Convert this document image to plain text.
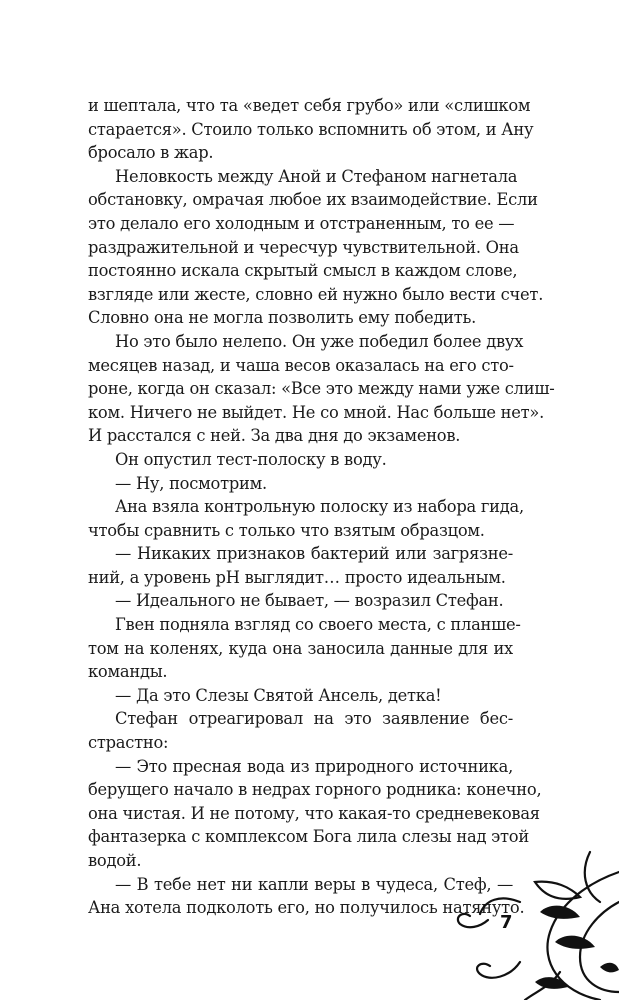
и шептала, что та «ведет себя грубо» или «слишком
старается». Стоило только вспомнить об этом, и Ану
бросало в жар.
Неловкость между Аной и Стефаном нагнетала
обстановку, омрачая любое их взаимодействие. Если
это делало его холодным и отстраненным, то ее —
раздражительной и чересчур чувствительной. Она
постоянно искала скрытый смысл в каждом слове,
взгляде или жесте, словно ей нужно было вести счет.
Словно она не могла позволить ему победить.
Но это было нелепо. Он уже победил более двух
месяцев назад, и чаша весов оказалась на его сто-
роне, когда он сказал: «Все это между нами уже слиш-
ком. Ничего не выйдет. Не со мной. Нас больше нет».
И расстался с ней. За два дня до экзаменов.
Он опустил тест-полоску в воду.
— Ну, посмотрим.
Ана взяла контрольную полоску из набора гида,
чтобы сравнить с только что взятым образцом.
— Никаких признаков бактерий или загрязне-
ний, а уровень pH выглядит… просто идеальным.
— Идеального не бывает, — возразил Стефан.
Гвен подняла взгляд со своего места, с планше-
том на коленях, куда она заносила данные для их
команды.
— Да это Слезы Святой Ансель, детка!
Стефан отреагировал на это заявление бес-
страстно:
— Это пресная вода из природного источника,
берущего начало в недрах горного родника: конечно,
она чистая. И не потому, что какая-то средневековая
фантазерка с комплексом Бога лила слезы над этой
водой.
— В тебе нет ни капли веры в чудеса, Стеф, —
Ана хотела подколоть его, но получилось натянуто.
7
